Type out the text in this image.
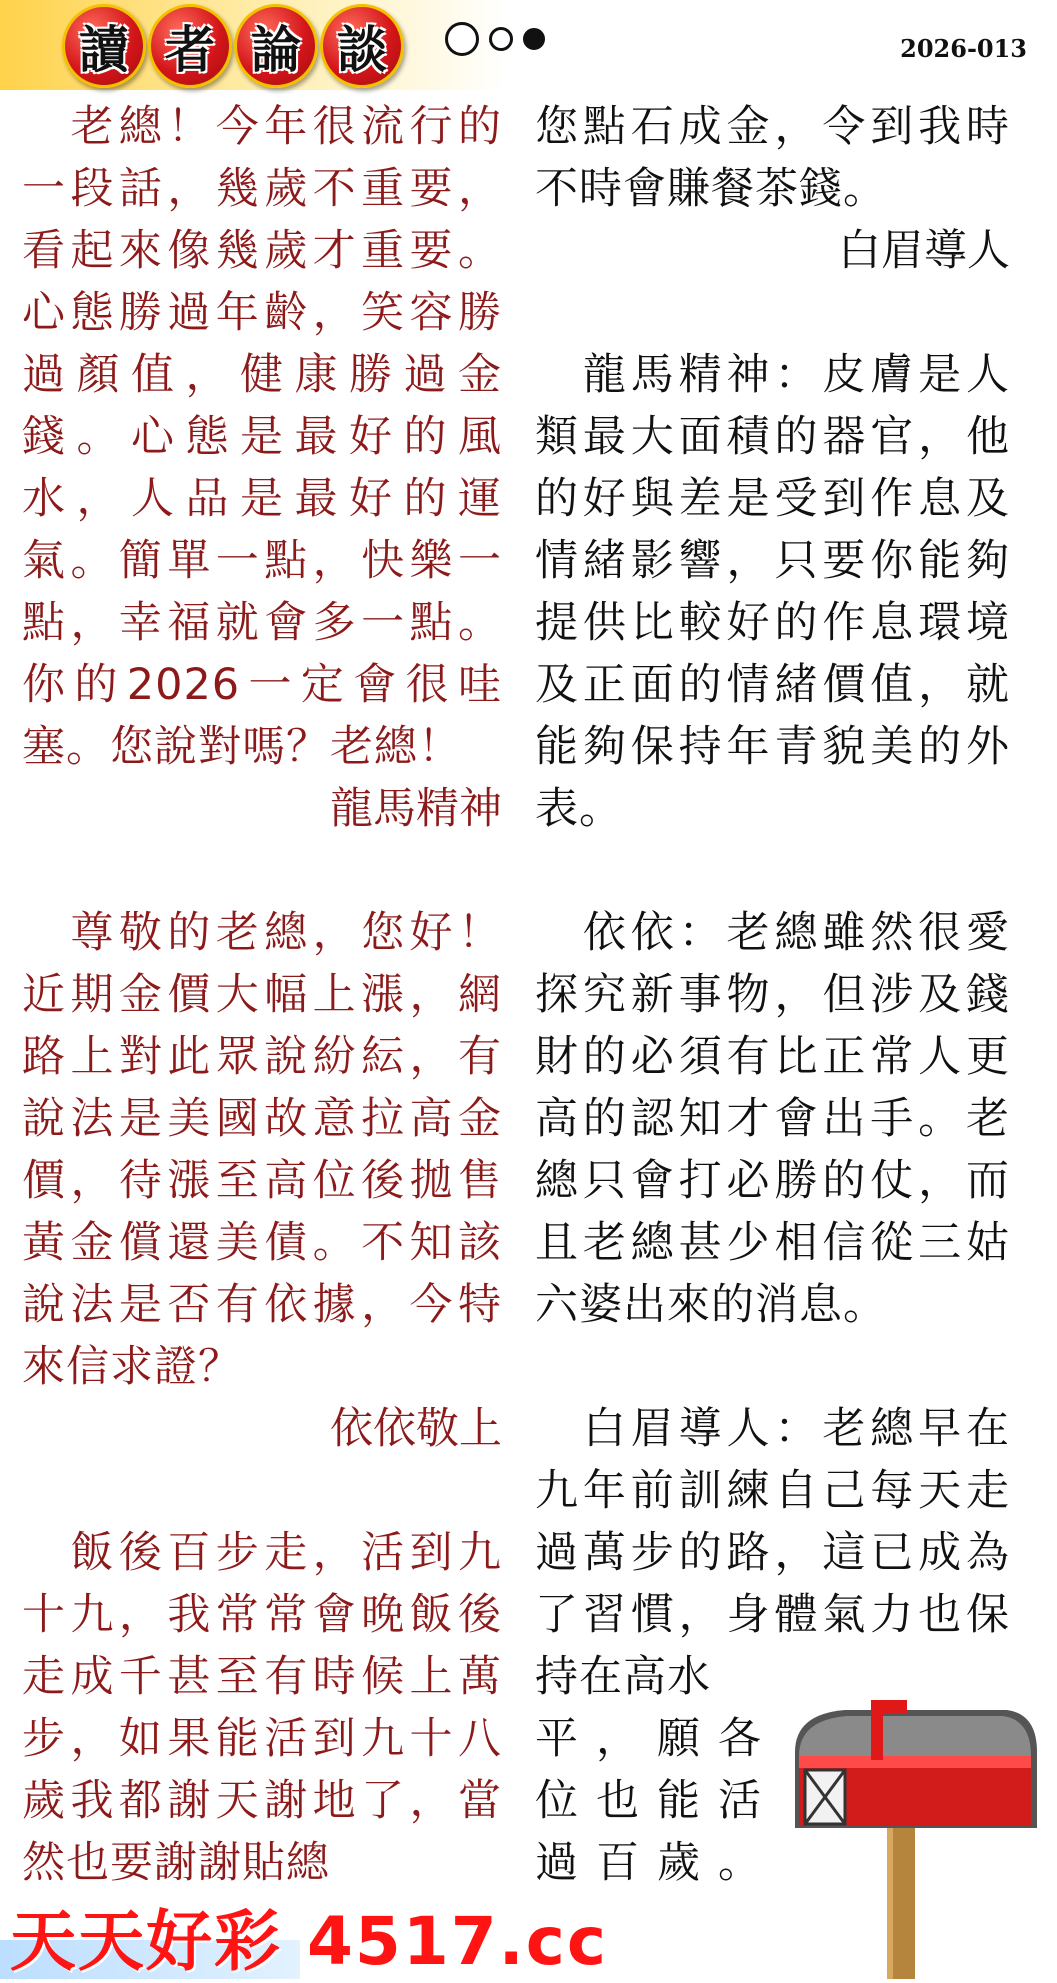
讀 者 論 談	2026-013

　老總！今年很流行的一段話，幾歲不重要，看起來像幾歲才重要。心態勝過年齡，笑容勝過顏值，健康勝過金錢。心態是最好的風水，人品是最好的運氣。簡單一點，快樂一點，幸福就會多一點。你的2026一定會很哇塞。您說對嗎？老總！

龍馬精神

　尊敬的老總，您好！近期金價大幅上漲，網路上對此眾說紛紜，有說法是美國故意拉高金價，待漲至高位後拋售黃金償還美債。不知該說法是否有依據，今特來信求證？

依依敬上

　飯後百步走，活到九十九，我常常會晚飯後走成千甚至有時候上萬步，如果能活到九十八歲我都謝天謝地了，當然也要謝謝貼總

您點石成金，令到我時不時會賺餐茶錢。

白眉導人

　龍馬精神：皮膚是人類最大面積的器官，他的好與差是受到作息及情緒影響，只要你能夠提供比較好的作息環境及正面的情緒價值，就能夠保持年青貌美的外表。

　依依：老總雖然很愛探究新事物，但涉及錢財的必須有比正常人更高的認知才會出手。老總只會打必勝的仗，而且老總甚少相信從三姑六婆出來的消息。

　白眉導人：老總早在九年前訓練自己每天走過萬步的路，這已成為了習慣，身體氣力也保持在高水

平，願各

位也能活

過百歲。

天天好彩 4517.cc
